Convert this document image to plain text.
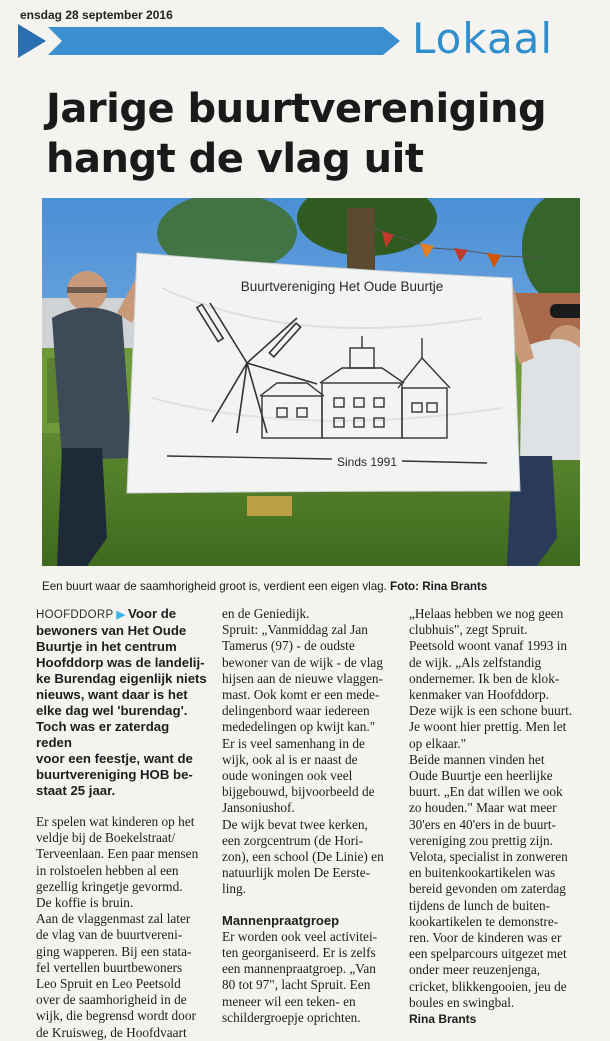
ensdag 28 september 2016	Lokaal
Jarige buurtvereniging
hangt de vlag uit
Buurtvereniging Het Oude Buurtje
Sinds 1991
Een buurt waar de saamhorigheid groot is, verdient een eigen vlag. Foto: Rina Brants
HOOFDDORP ▶ Voor de
bewoners van Het Oude
Buurtje in het centrum
Hoofddorp was de landelij-
ke Burendag eigenlijk niets
nieuws, want daar is het
elke dag wel 'burendag'.
Toch was er zaterdag reden
voor een feestje, want de
buurtvereniging HOB be-
staat 25 jaar.
Er spelen wat kinderen op het
veldje bij de Boekelstraat/
Terveenlaan. Een paar mensen
in rolstoelen hebben al een
gezellig kringetje gevormd.
De koffie is bruin.
Aan de vlaggenmast zal later
de vlag van de buurtvereni-
ging wapperen. Bij een stata-
fel vertellen buurtbewoners
Leo Spruit en Leo Peetsold
over de saamhorigheid in de
wijk, die begrensd wordt door
de Kruisweg, de Hoofdvaart
en de Geniedijk.
Spruit: „Vanmiddag zal Jan
Tamerus (97) - de oudste
bewoner van de wijk - de vlag
hijsen aan de nieuwe vlaggen-
mast. Ook komt er een mede-
delingenbord waar iedereen
mededelingen op kwijt kan."
Er is veel samenhang in de
wijk, ook al is er naast de
oude woningen ook veel
bijgebouwd, bijvoorbeeld de
Jansoniushof.
De wijk bevat twee kerken,
een zorgcentrum (de Hori-
zon), een school (De Linie) en
natuurlijk molen De Eerste-
ling.
Mannenpraatgroep
Er worden ook veel activitei-
ten georganiseerd. Er is zelfs
een mannenpraatgroep. „Van
80 tot 97", lacht Spruit. Een
meneer wil een teken- en
schildergroepje oprichten.
„Helaas hebben we nog geen
clubhuis", zegt Spruit.
Peetsold woont vanaf 1993 in
de wijk. „Als zelfstandig
ondernemer. Ik ben de klok-
kenmaker van Hoofddorp.
Deze wijk is een schone buurt.
Je woont hier prettig. Men let
op elkaar."
Beide mannen vinden het
Oude Buurtje een heerlijke
buurt. „En dat willen we ook
zo houden." Maar wat meer
30'ers en 40'ers in de buurt-
vereniging zou prettig zijn.
Velota, specialist in zonweren
en buitenkookartikelen was
bereid gevonden om zaterdag
tijdens de lunch de buiten-
kookartikelen te demonstre-
ren. Voor de kinderen was er
een spelparcours uitgezet met
onder meer reuzenjenga,
cricket, blikkengooien, jeu de
boules en swingbal.
Rina Brants
